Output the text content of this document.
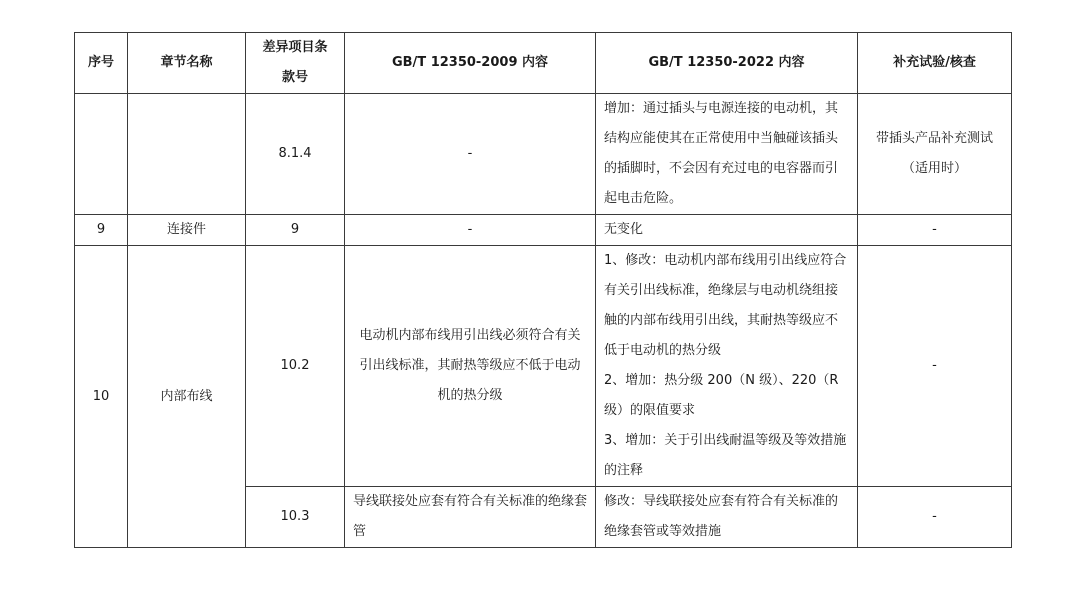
序号	章节名称	差异项目条款号	GB/T 12350-2009 内容	GB/T 12350-2022 内容	补充试验/核查
		8.1.4	-	增加：通过插头与电源连接的电动机，其结构应能使其在正常使用中当触碰该插头的插脚时，不会因有充过电的电容器而引起电击危险。	带插头产品补充测试（适用时）
9	连接件	9	-	无变化	-
10	内部布线	10.2	电动机内部布线用引出线必须符合有关引出线标准，其耐热等级应不低于电动机的热分级	1、修改：电动机内部布线用引出线应符合有关引出线标准，绝缘层与电动机绕组接触的内部布线用引出线，其耐热等级应不低于电动机的热分级
2、增加：热分级 200（N 级）、220（R 级）的限值要求
3、增加：关于引出线耐温等级及等效措施的注释	-
		10.3	导线联接处应套有符合有关标准的绝缘套管	修改：导线联接处应套有符合有关标准的绝缘套管或等效措施	-
